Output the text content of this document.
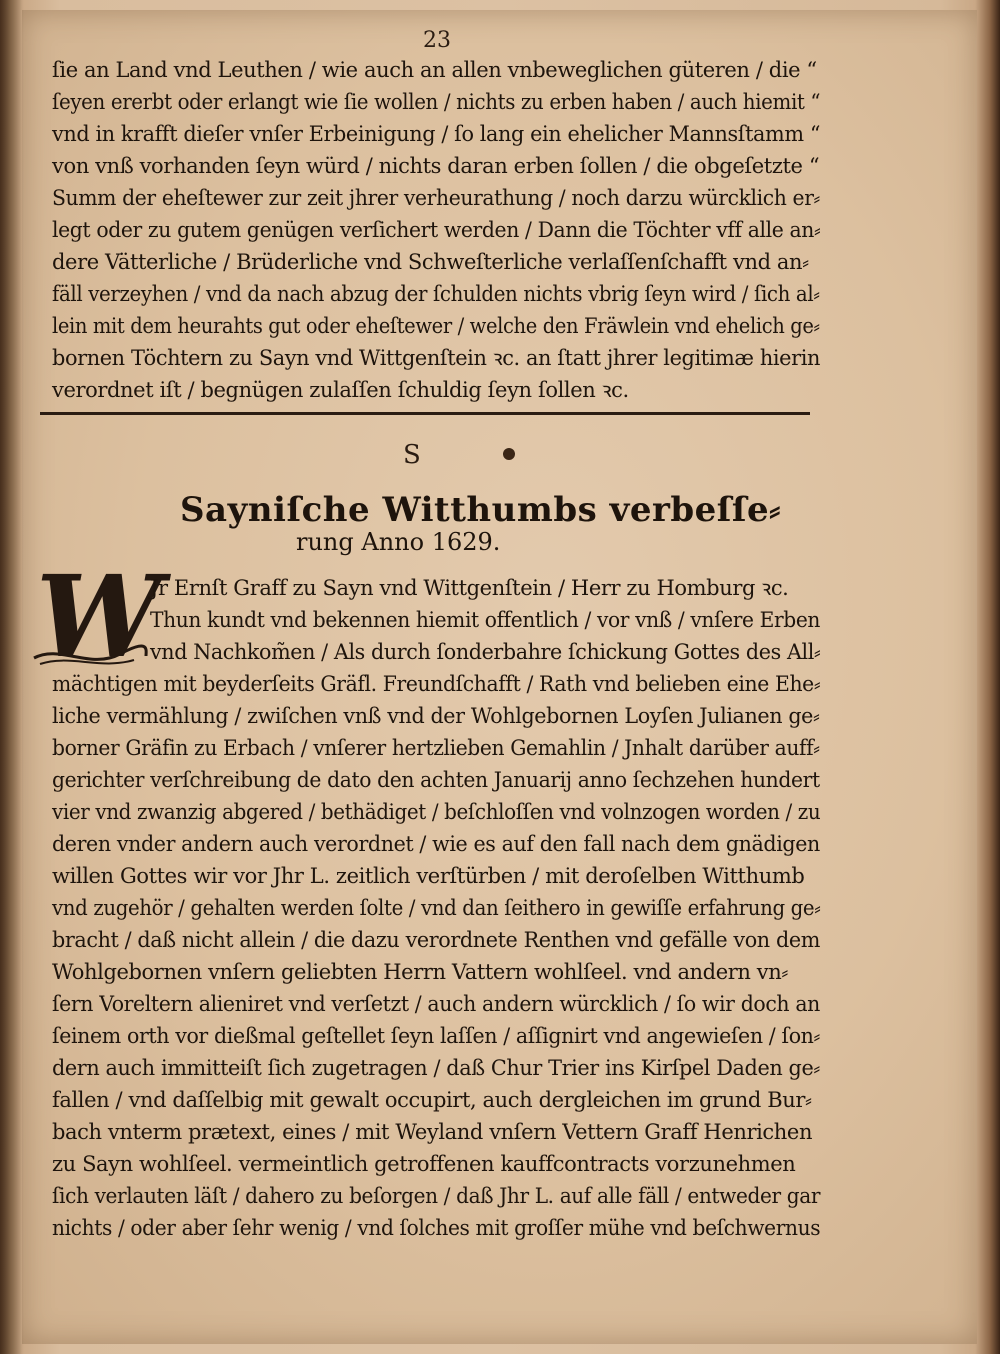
23
ſie an Land vnd Leuthen / wie auch an allen vnbeweglichen güteren / die “
ſeyen ererbt oder erlangt wie ſie wollen / nichts zu erben haben / auch hiemit “
vnd in krafft dieſer vnſer Erbeinigung / ſo lang ein ehelicher Mannsſtamm “
von vnß vorhanden ſeyn würd / nichts daran erben ſollen / die obgeſetzte “
Summ der eheſtewer zur zeit jhrer verheurathung / noch darzu würcklich er⸗
legt oder zu gutem genügen verſichert werden / Dann die Töchter vff alle an⸗
dere Vätterliche / Brüderliche vnd Schweſterliche verlaſſenſchafft vnd an⸗
fäll verzeyhen / vnd da nach abzug der ſchulden nichts vbrig ſeyn wird / ſich al⸗
lein mit dem heurahts gut oder eheſtewer / welche den Fräwlein vnd ehelich ge⸗
bornen Töchtern zu Sayn vnd Wittgenſtein ꝛc. an ſtatt jhrer legitimæ hierin
verordnet iſt / begnügen zulaſſen ſchuldig ſeyn ſollen ꝛc.
S
Sayniſche Witthumbs verbeſſe⸗
rung Anno 1629.
W
Jr Ernſt Graff zu Sayn vnd Wittgenſtein / Herr zu Homburg ꝛc.
Thun kundt vnd bekennen hiemit offentlich / vor vnß / vnſere Erben
vnd Nachkom̃en / Als durch ſonderbahre ſchickung Gottes des All⸗
mächtigen mit beyderſeits Gräfl. Freundſchafft / Rath vnd belieben eine Ehe⸗
liche vermählung / zwiſchen vnß vnd der Wohlgebornen Loyſen Julianen ge⸗
borner Gräfin zu Erbach / vnſerer hertzlieben Gemahlin / Jnhalt darüber auff⸗
gerichter verſchreibung de dato den achten Januarij anno ſechzehen hundert
vier vnd zwanzig abgered / bethädiget / beſchloſſen vnd volnzogen worden / zu
deren vnder andern auch verordnet / wie es auf den fall nach dem gnädigen
willen Gottes wir vor Jhr L. zeitlich verſtürben / mit deroſelben Witthumb
vnd zugehör / gehalten werden ſolte / vnd dan ſeithero in gewiſſe erfahrung ge⸗
bracht / daß nicht allein / die dazu verordnete Renthen vnd gefälle von dem
Wohlgebornen vnſern geliebten Herrn Vattern wohlſeel. vnd andern vn⸗
ſern Voreltern alieniret vnd verſetzt / auch andern würcklich / ſo wir doch an
ſeinem orth vor dießmal geſtellet ſeyn laſſen / aſſignirt vnd angewieſen / ſon⸗
dern auch immitteiſt ſich zugetragen / daß Chur Trier ins Kirſpel Daden ge⸗
fallen / vnd daſſelbig mit gewalt occupirt, auch dergleichen im grund Bur⸗
bach vnterm prætext, eines / mit Weyland vnſern Vettern Graff Henrichen
zu Sayn wohlſeel. vermeintlich getroffenen kauffcontracts vorzunehmen
ſich verlauten läſt / dahero zu beſorgen / daß Jhr L. auf alle fäll / entweder gar
nichts / oder aber ſehr wenig / vnd ſolches mit groſſer mühe vnd beſchwernus
